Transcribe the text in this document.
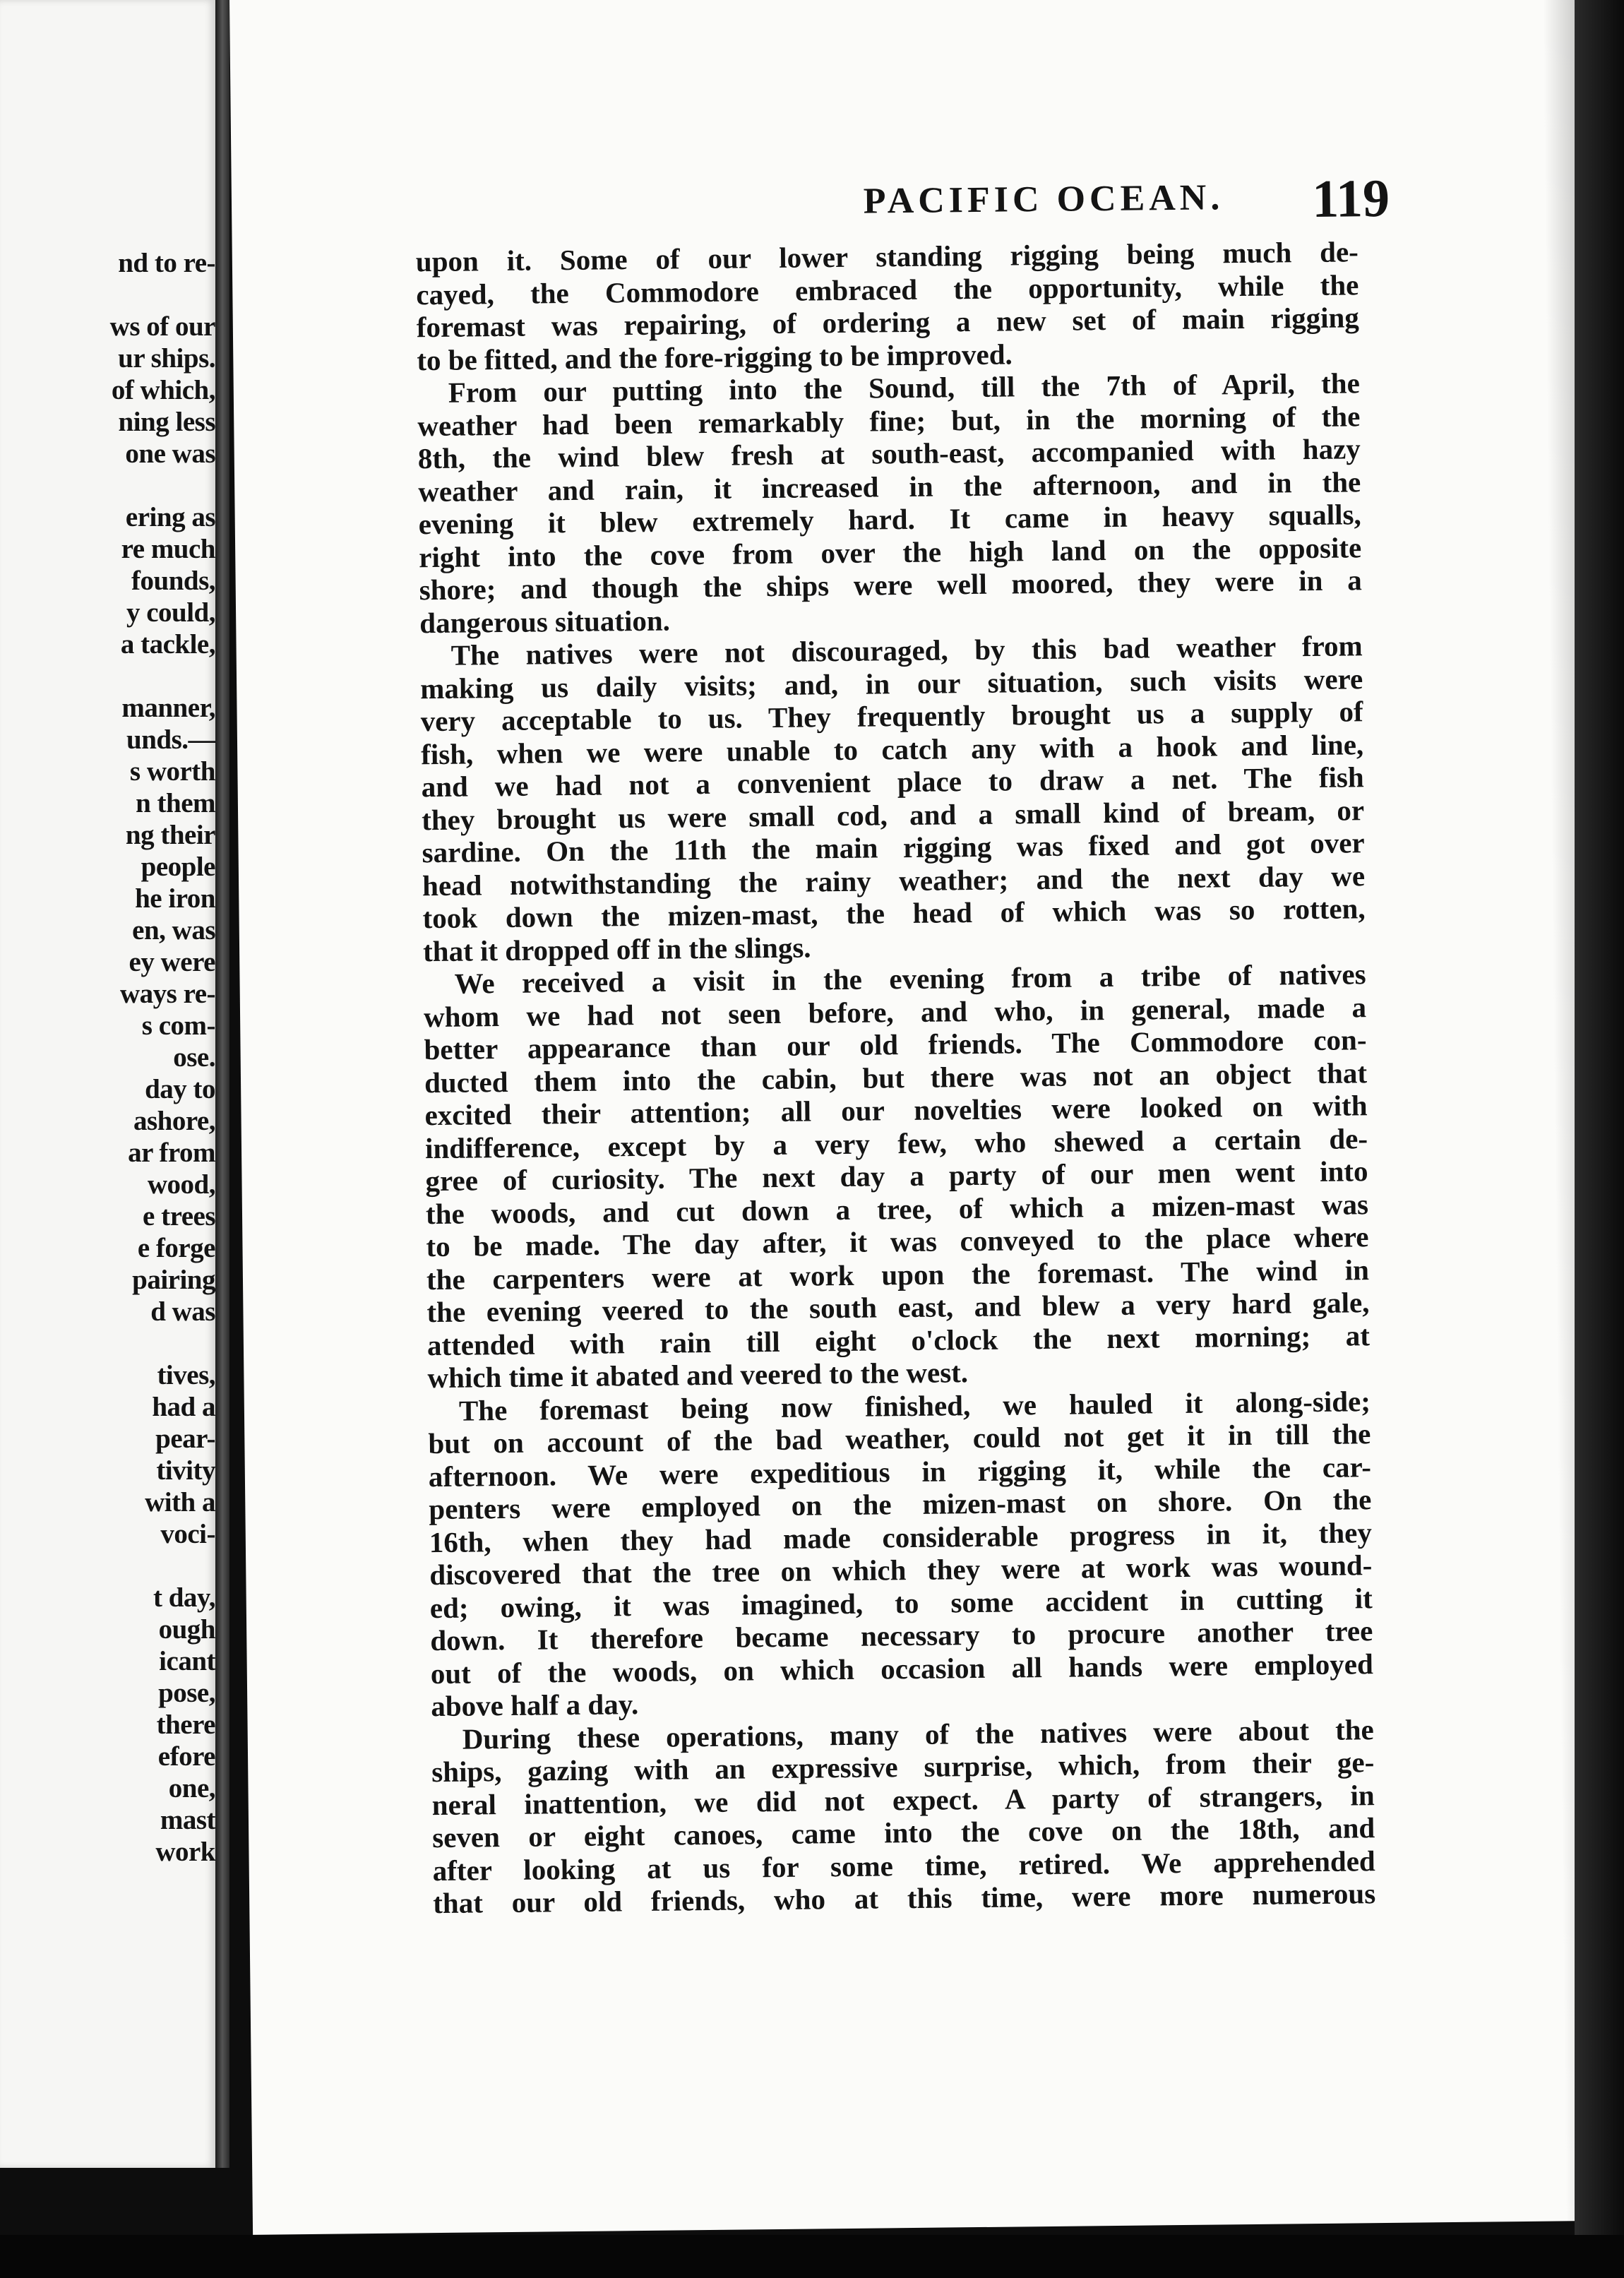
nd to re-

ws of our
ur ships.
of which,
ning less
one was

ering as
re much
founds,
y could,
a tackle,

manner,
unds.—
s worth
n them
ng their
people
he iron
en, was
ey were
ways re-
s com-
ose.
day to
ashore,
ar from
wood,
e trees
e forge
pairing
d was

tives,
had a
pear-
tivity
with a
voci-

t day,
ough
icant
pose,
there
efore
one,
mast
work
PACIFIC OCEAN.	119
upon it. Some of our lower standing rigging being much de-
cayed, the Commodore embraced the opportunity, while the
foremast was repairing, of ordering a new set of main rigging
to be fitted, and the fore-rigging to be improved.
From our putting into the Sound, till the 7th of April, the
weather had been remarkably fine; but, in the morning of the
8th, the wind blew fresh at south-east, accompanied with hazy
weather and rain, it increased in the afternoon, and in the
evening it blew extremely hard. It came in heavy squalls,
right into the cove from over the high land on the opposite
shore; and though the ships were well moored, they were in a
dangerous situation.
The natives were not discouraged, by this bad weather from
making us daily visits; and, in our situation, such visits were
very acceptable to us. They frequently brought us a supply of
fish, when we were unable to catch any with a hook and line,
and we had not a convenient place to draw a net. The fish
they brought us were small cod, and a small kind of bream, or
sardine. On the 11th the main rigging was fixed and got over
head notwithstanding the rainy weather; and the next day we
took down the mizen-mast, the head of which was so rotten,
that it dropped off in the slings.
We received a visit in the evening from a tribe of natives
whom we had not seen before, and who, in general, made a
better appearance than our old friends. The Commodore con-
ducted them into the cabin, but there was not an object that
excited their attention; all our novelties were looked on with
indifference, except by a very few, who shewed a certain de-
gree of curiosity. The next day a party of our men went into
the woods, and cut down a tree, of which a mizen-mast was
to be made. The day after, it was conveyed to the place where
the carpenters were at work upon the foremast. The wind in
the evening veered to the south east, and blew a very hard gale,
attended with rain till eight o'clock the next morning; at
which time it abated and veered to the west.
The foremast being now finished, we hauled it along-side;
but on account of the bad weather, could not get it in till the
afternoon. We were expeditious in rigging it, while the car-
penters were employed on the mizen-mast on shore. On the
16th, when they had made considerable progress in it, they
discovered that the tree on which they were at work was wound-
ed; owing, it was imagined, to some accident in cutting it
down. It therefore became necessary to procure another tree
out of the woods, on which occasion all hands were employed
above half a day.
During these operations, many of the natives were about the
ships, gazing with an expressive surprise, which, from their ge-
neral inattention, we did not expect. A party of strangers, in
seven or eight canoes, came into the cove on the 18th, and
after looking at us for some time, retired. We apprehended
that our old friends, who at this time, were more numerous
